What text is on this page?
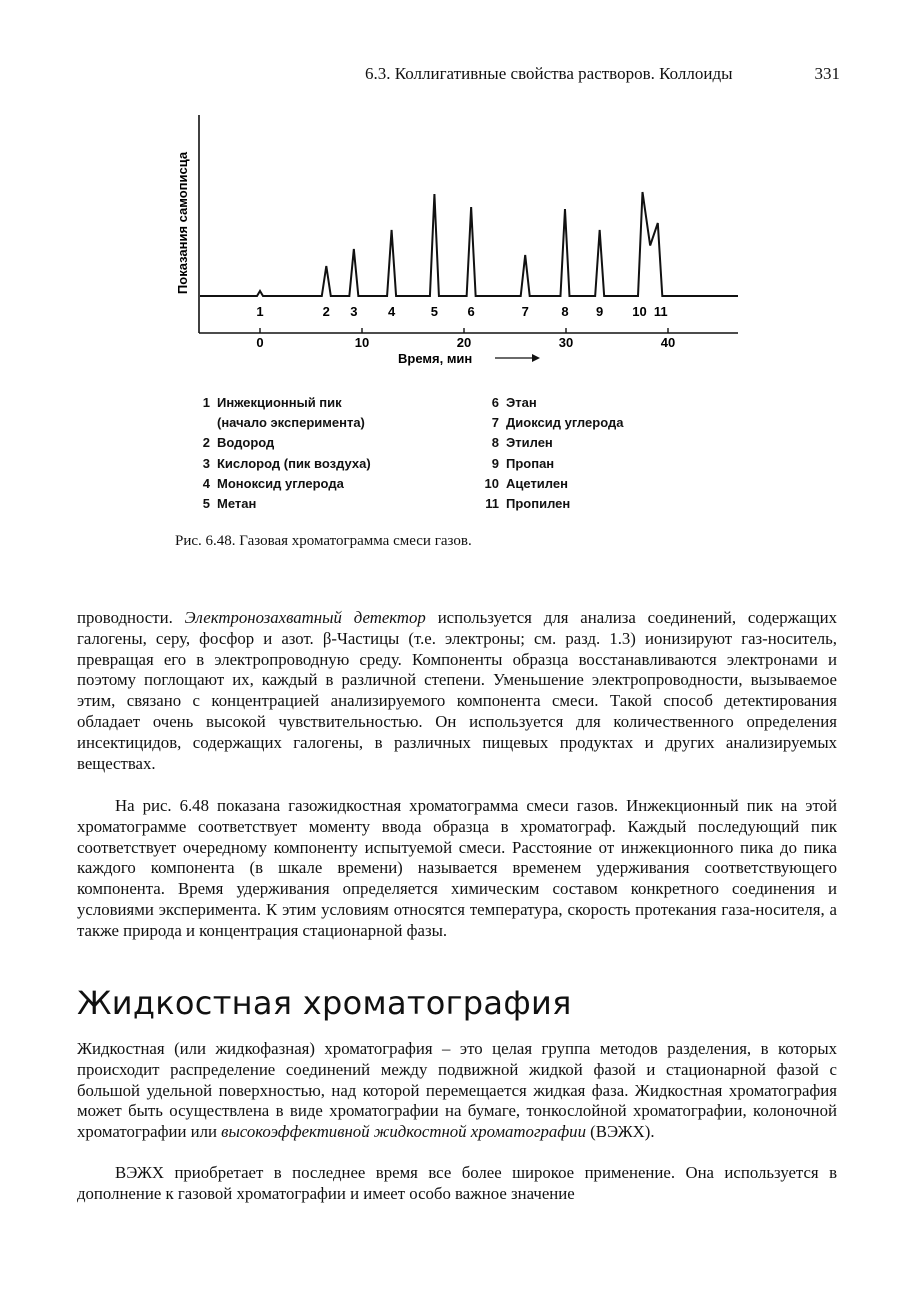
6.3. Коллигативные свойства растворов. Коллоиды	331
Показания самописца
0	10	20	30	40
1	2 3 4	5 6	7	8 9 10 11
Время, мин
1 Инжекционный пик
(начало эксперимента)
2 Водород
3 Кислород (пик воздуха)
4 Моноксид углерода
5 Метан
6 Этан
7 Диоксид углерода
8 Этилен
9 Пропан
10 Ацетилен
11 Пропилен
Рис. 6.48. Газовая хроматограмма смеси газов.

проводности. Электронозахватный детектор используется для анализа соединений, содержащих галогены, серу, фосфор и азот. β-Частицы (т.е. электроны; см. разд. 1.3) ионизируют газ-носитель, превращая его в электропроводную среду. Компоненты образца восстанавливаются электронами и поэтому поглощают их, каждый в различной степени. Уменьшение электропроводности, вызываемое этим, связано с концентрацией анализируемого компонента смеси. Такой способ детектирования обладает очень высокой чувствительностью. Он используется для количественного определения инсектицидов, содержащих галогены, в различных пищевых продуктах и других анализируемых веществах.

На рис. 6.48 показана газожидкостная хроматограмма смеси газов. Инжекционный пик на этой хроматограмме соответствует моменту ввода образца в хроматограф. Каждый последующий пик соответствует очередному компоненту испытуемой смеси. Расстояние от инжекционного пика до пика каждого компонента (в шкале времени) называется временем удерживания соответствующего компонента. Время удерживания определяется химическим составом конкретного соединения и условиями эксперимента. К этим условиям относятся температура, скорость протекания газа-носителя, а также природа и концентрация стационарной фазы.

Жидкостная хроматография

Жидкостная (или жидкофазная) хроматография – это целая группа методов разделения, в которых происходит распределение соединений между подвижной жидкой фазой и стационарной фазой с большой удельной поверхностью, над которой перемещается жидкая фаза. Жидкостная хроматография может быть осуществлена в виде хроматографии на бумаге, тонкослойной хроматографии, колоночной хроматографии или высокоэффективной жидкостной хроматографии (ВЭЖХ).

ВЭЖХ приобретает в последнее время все более широкое применение. Она используется в дополнение к газовой хроматографии и имеет особо важное значение
